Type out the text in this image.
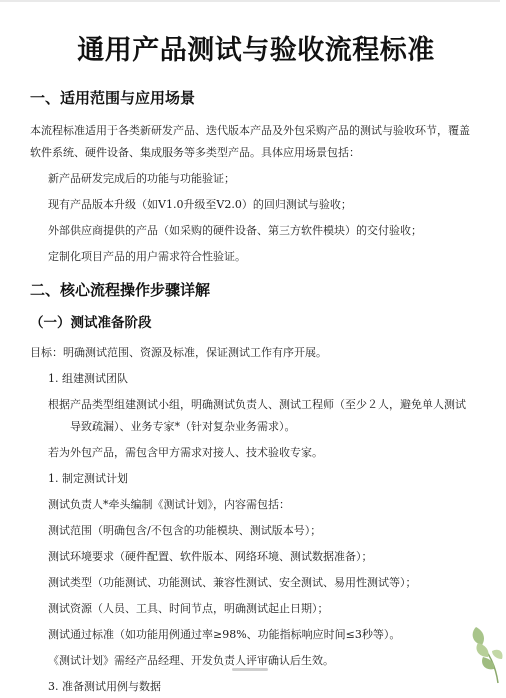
通用产品测试与验收流程标准
一、适用范围与应用场景

本流程标准适用于各类新研发产品、迭代版本产品及外包采购产品的测试与验收环节，覆盖

软件系统、硬件设备、集成服务等多类型产品。具体应用场景包括：

新产品研发完成后的功能与功能验证；

现有产品版本升级（如V1.0升级至V2.0）的回归测试与验收；

外部供应商提供的产品（如采购的硬件设备、第三方软件模块）的交付验收；

定制化项目产品的用户需求符合性验证。

二、核心流程操作步骤详解
（一）测试准备阶段

目标：明确测试范围、资源及标准，保证测试工作有序开展。

1. 组建测试团队

根据产品类型组建测试小组，明确测试负责人、测试工程师（至少２人，避免单人测试

导致疏漏）、业务专家*（针对复杂业务需求）。

若为外包产品，需包含甲方需求对接人、技术验收专家。

1. 制定测试计划

测试负责人*牵头编制《测试计划》，内容需包括：

测试范围（明确包含/不包含的功能模块、测试版本号）；

测试环境要求（硬件配置、软件版本、网络环境、测试数据准备）；

测试类型（功能测试、功能测试、兼容性测试、安全测试、易用性测试等）；

测试资源（人员、工具、时间节点，明确测试起止日期）；

测试通过标准（如功能用例通过率≥98%、功能指标响应时间≤3秒等）。

《测试计划》需经产品经理、开发负责人评审确认后生效。

3. 准备测试用例与数据
